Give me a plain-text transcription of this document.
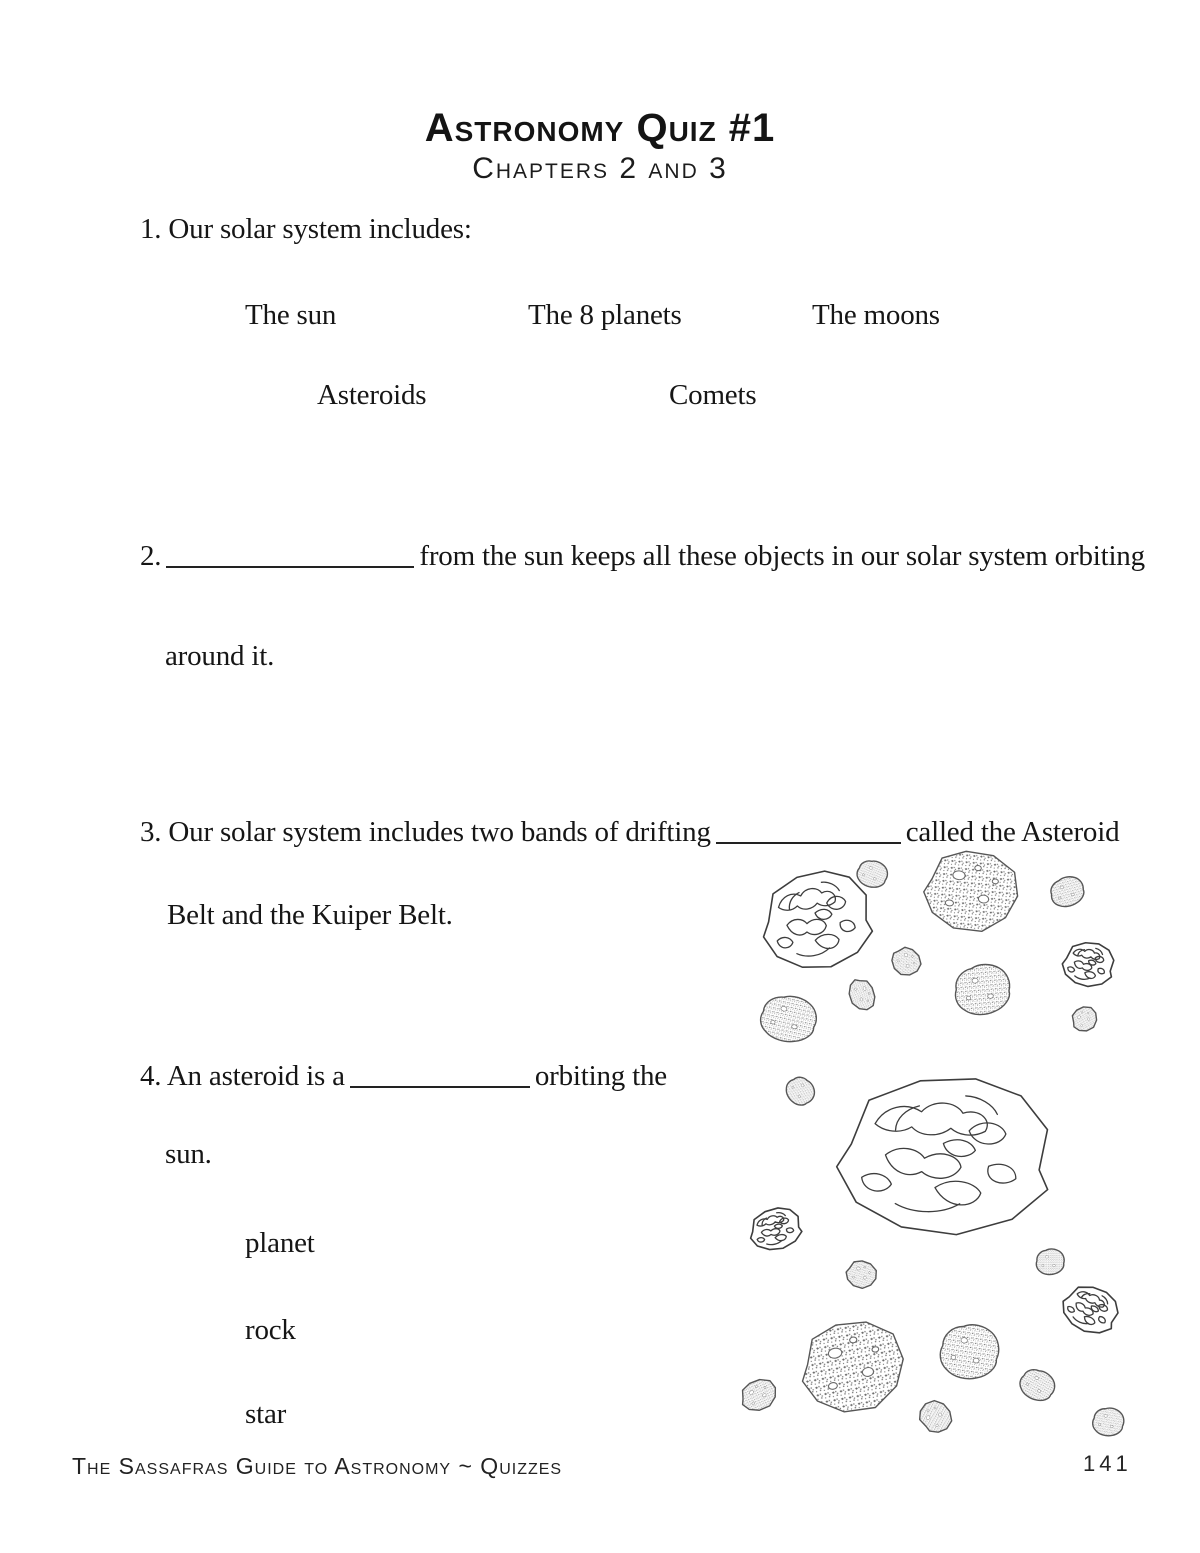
Astronomy Quiz #1
Chapters 2 and 3
1. Our solar system includes:
The sun	The 8 planets	The moons
Asteroids	Comets
2.	from the sun keeps all these objects in our solar system orbiting
around it.
3. Our solar system includes two bands of drifting	called the Asteroid
Belt and the Kuiper Belt.
4. An asteroid is a	orbiting the
sun.
planet
rock
star
The Sassafras Guide to Astronomy ~ Quizzes	141
